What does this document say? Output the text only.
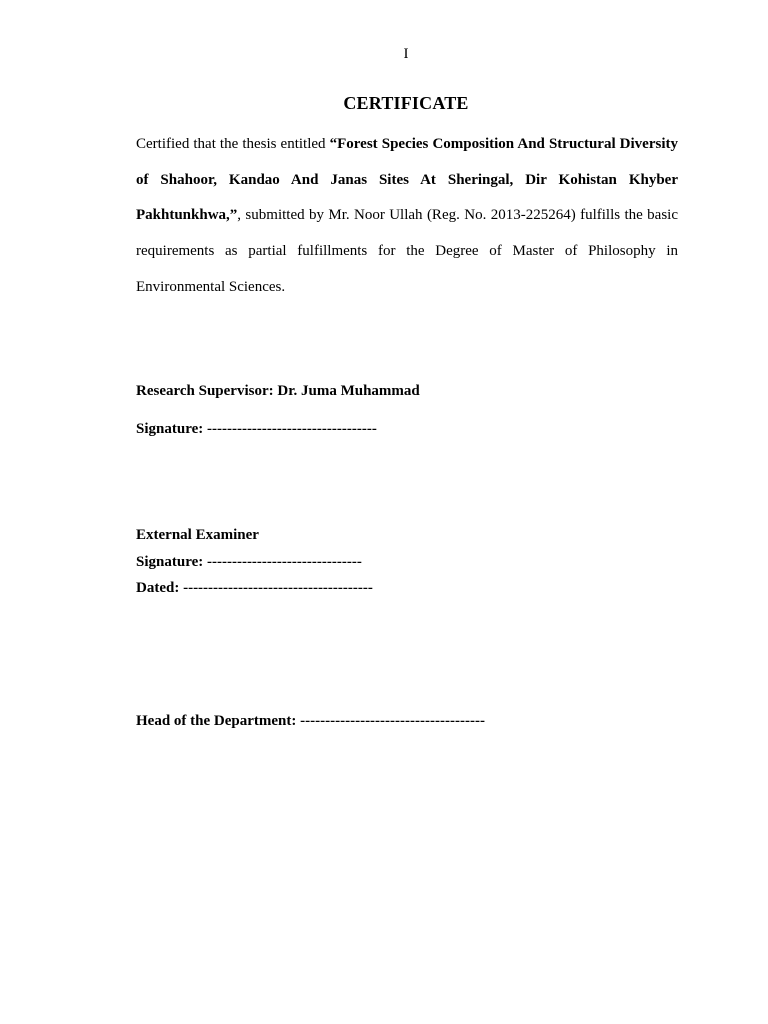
I
CERTIFICATE
Certified that the thesis entitled “Forest Species Composition And Structural Diversity of Shahoor, Kandao And Janas Sites At Sheringal, Dir Kohistan Khyber Pakhtunkhwa,”, submitted by Mr. Noor Ullah (Reg. No. 2013-225264) fulfills the basic requirements as partial fulfillments for the Degree of Master of Philosophy in Environmental Sciences.
Research Supervisor: Dr. Juma Muhammad
Signature: ----------------------------------
External Examiner
Signature: -------------------------------
Dated: --------------------------------------
Head of the Department: -------------------------------------
